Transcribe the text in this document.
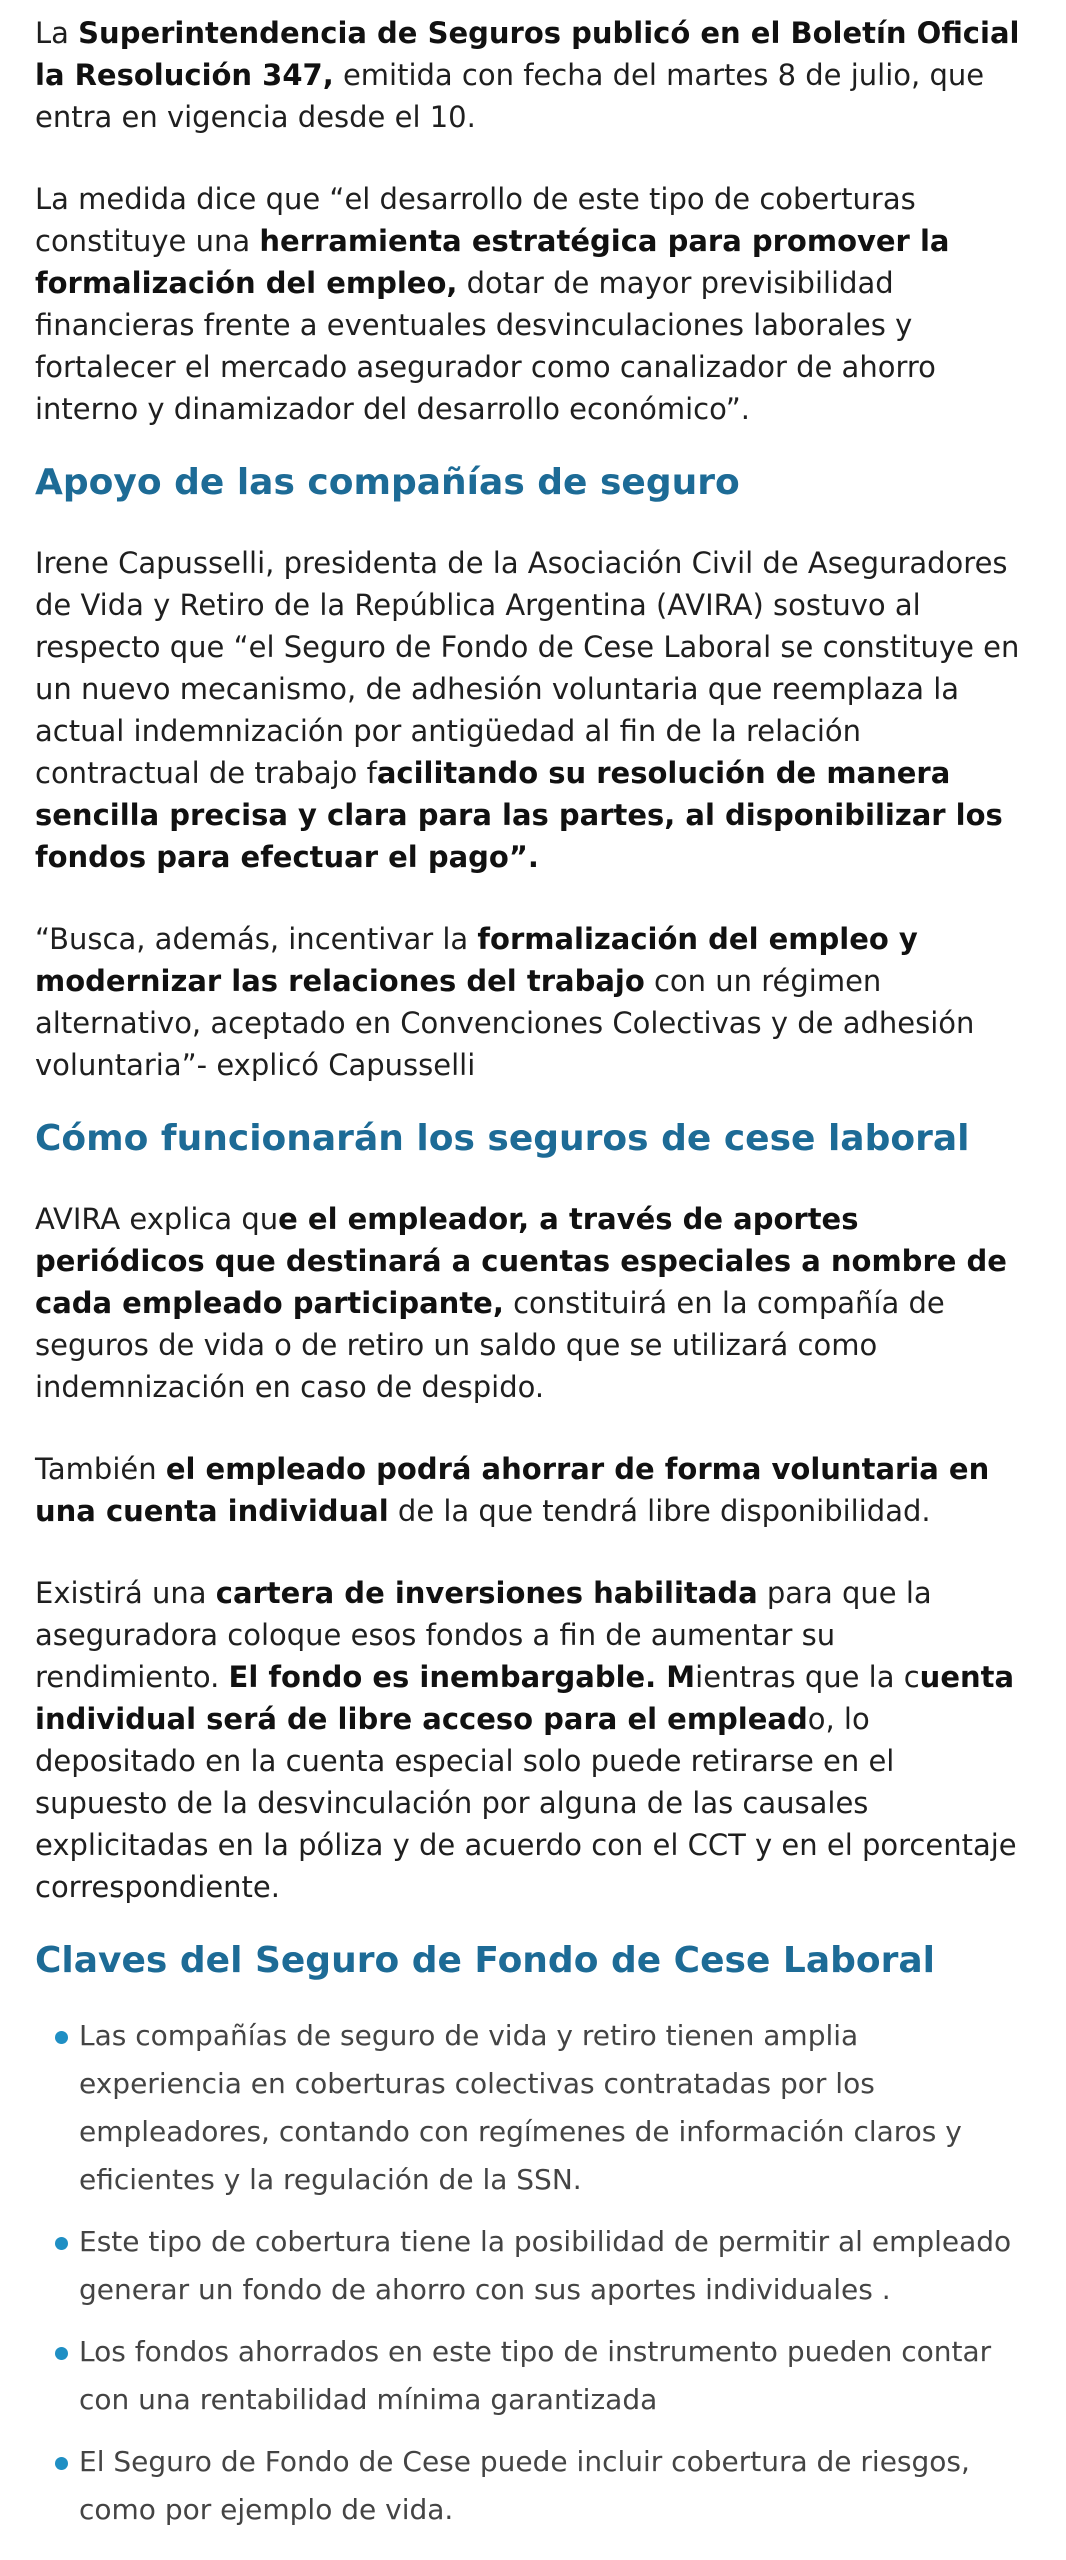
La Superintendencia de Seguros publicó en el Boletín Oficial la Resolución 347, emitida con fecha del martes 8 de julio, que entra en vigencia desde el 10.

La medida dice que “el desarrollo de este tipo de coberturas constituye una herramienta estratégica para promover la formalización del empleo, dotar de mayor previsibilidad financieras frente a eventuales desvinculaciones laborales y fortalecer el mercado asegurador como canalizador de ahorro interno y dinamizador del desarrollo económico”.

Apoyo de las compañías de seguro

Irene Capusselli, presidenta de la Asociación Civil de Aseguradores de Vida y Retiro de la República Argentina (AVIRA) sostuvo al respecto que “el Seguro de Fondo de Cese Laboral se constituye en un nuevo mecanismo, de adhesión voluntaria que reemplaza la actual indemnización por antigüedad al fin de la relación contractual de trabajo facilitando su resolución de manera sencilla precisa y clara para las partes, al disponibilizar los fondos para efectuar el pago”.

“Busca, además, incentivar la formalización del empleo y modernizar las relaciones del trabajo con un régimen alternativo, aceptado en Convenciones Colectivas y de adhesión voluntaria”- explicó Capusselli

Cómo funcionarán los seguros de cese laboral

AVIRA explica que el empleador, a través de aportes periódicos que destinará a cuentas especiales a nombre de cada empleado participante, constituirá en la compañía de seguros de vida o de retiro un saldo que se utilizará como indemnización en caso de despido.

También el empleado podrá ahorrar de forma voluntaria en una cuenta individual de la que tendrá libre disponibilidad.

Existirá una cartera de inversiones habilitada para que la aseguradora coloque esos fondos a fin de aumentar su rendimiento. El fondo es inembargable. Mientras que la cuenta individual será de libre acceso para el empleado, lo depositado en la cuenta especial solo puede retirarse en el supuesto de la desvinculación por alguna de las causales explicitadas en la póliza y de acuerdo con el CCT y en el porcentaje correspondiente.

Claves del Seguro de Fondo de Cese Laboral
Las compañías de seguro de vida y retiro tienen amplia experiencia en coberturas colectivas contratadas por los empleadores, contando con regímenes de información claros y eficientes y la regulación de la SSN.
Este tipo de cobertura tiene la posibilidad de permitir al empleado generar un fondo de ahorro con sus aportes individuales .
Los fondos ahorrados en este tipo de instrumento pueden contar con una rentabilidad mínima garantizada
El Seguro de Fondo de Cese puede incluir cobertura de riesgos, como por ejemplo de vida.
